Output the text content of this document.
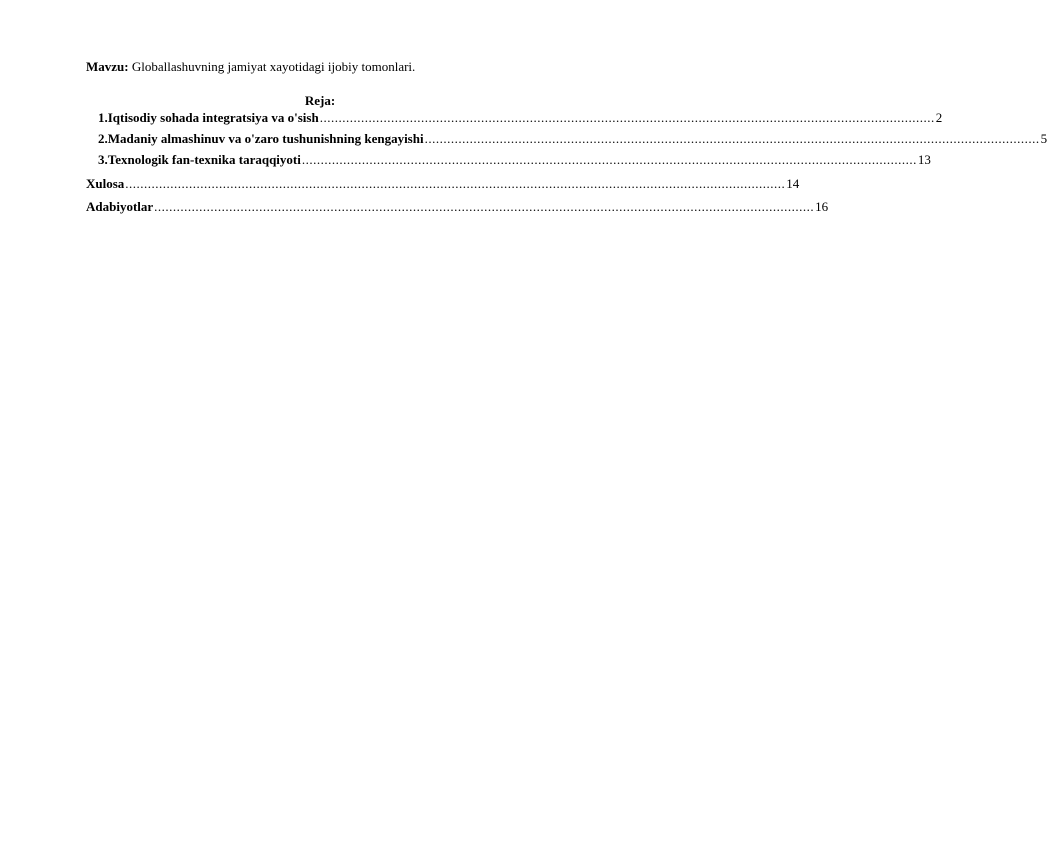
Mavzu: Globallashuvning jamiyat xayotidagi ijobiy tomonlari.
Reja:
1. Iqtisodiy sohada integratsiya va o'sish .................................................................................................................................................................... 2
2. Madaniy almashinuv va o'zaro tushunishning kengayishi .................................................................................................................................................................... 5
3. Texnologik fan-texnika taraqqiyoti .................................................................................................................................................................... 13
Xulosa ................................................................................................................................................................................ 14
Adabiyotlar ................................................................................................................................................................................ 16
